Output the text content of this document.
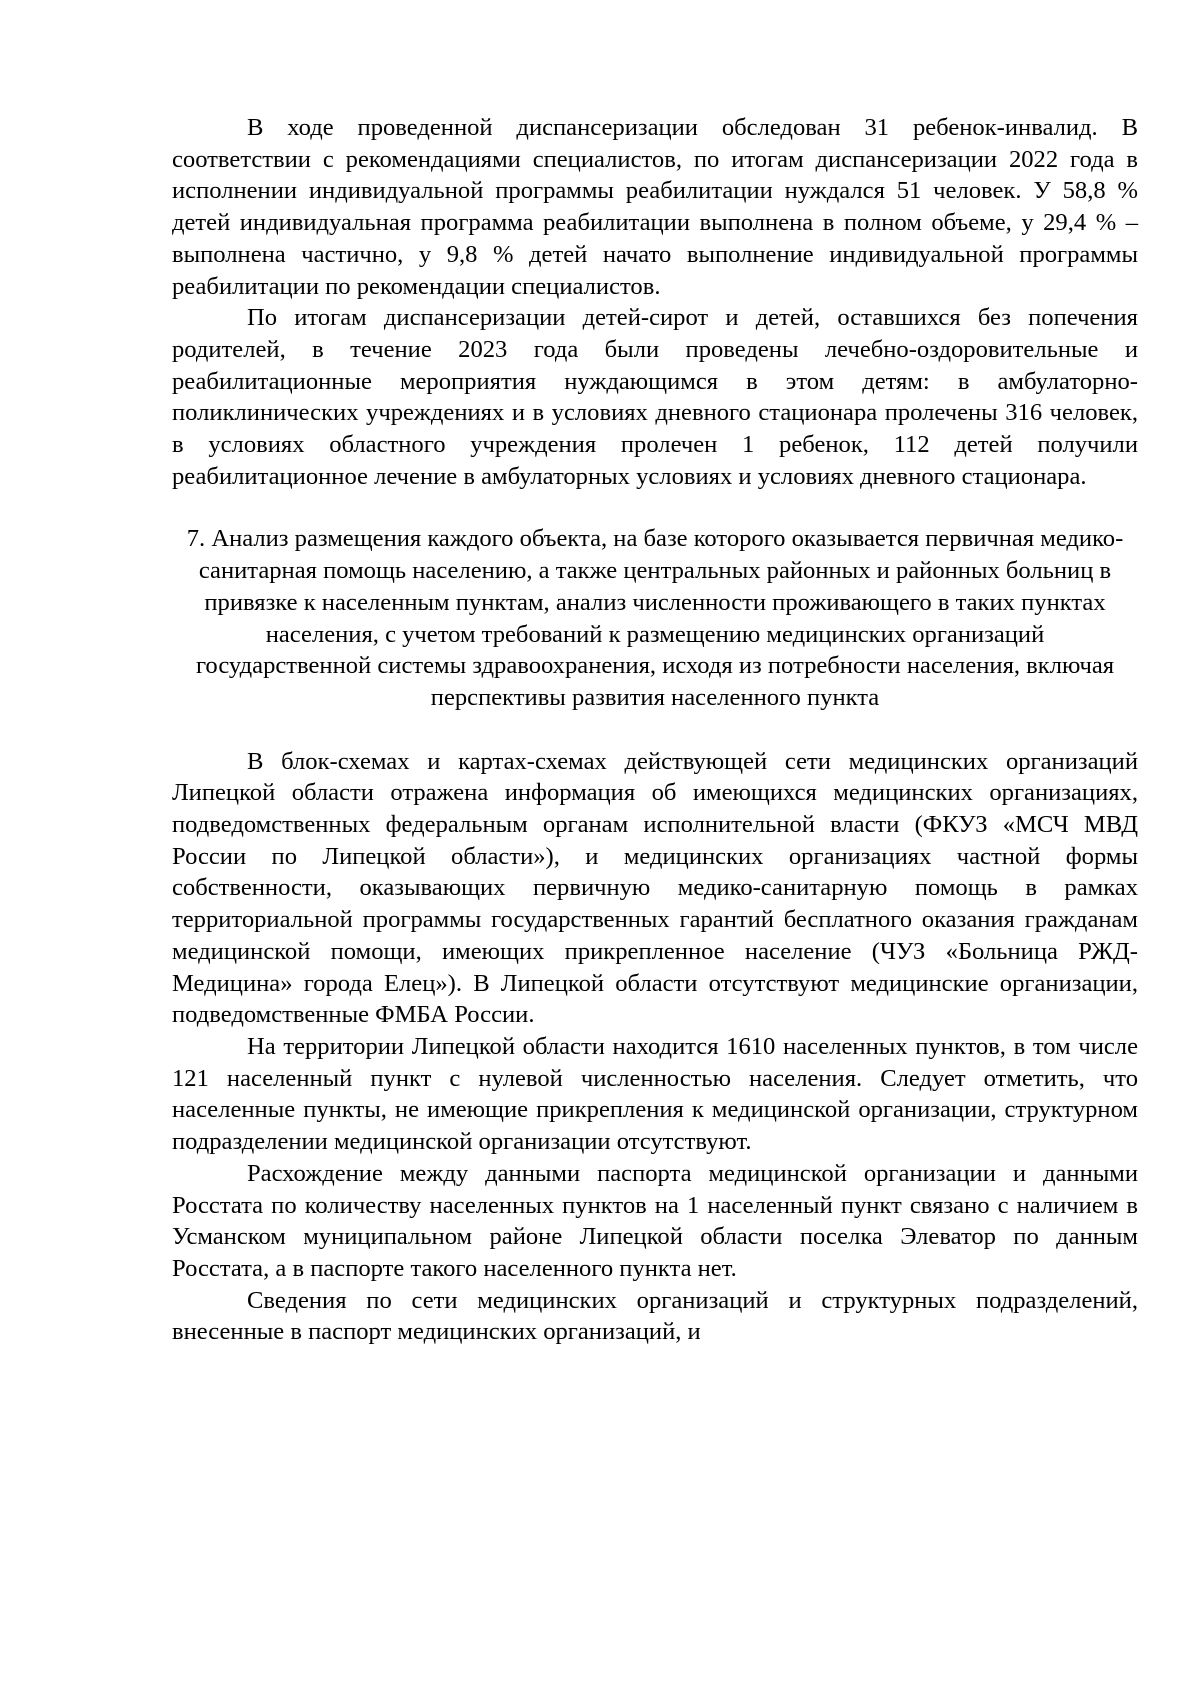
В ходе проведенной диспансеризации обследован 31 ребенок-инвалид. В соответствии с рекомендациями специалистов, по итогам диспансеризации 2022 года в исполнении индивидуальной программы реабилитации нуждался 51 человек. У 58,8 % детей индивидуальная программа реабилитации выполнена в полном объеме, у 29,4 % – выполнена частично, у 9,8 % детей начато выполнение индивидуальной программы реабилитации по рекомендации специалистов.

По итогам диспансеризации детей-сирот и детей, оставшихся без попечения родителей, в течение 2023 года были проведены лечебно-оздоровительные и реабилитационные мероприятия нуждающимся в этом детям: в амбулаторно-поликлинических учреждениях и в условиях дневного стационара пролечены 316 человек, в условиях областного учреждения пролечен 1 ребенок, 112 детей получили реабилитационное лечение в амбулаторных условиях и условиях дневного стационара.

7. Анализ размещения каждого объекта, на базе которого оказывается первичная медико-санитарная помощь населению, а также центральных районных и районных больниц в привязке к населенным пунктам, анализ численности проживающего в таких пунктах населения, с учетом требований к размещению медицинских организаций государственной системы здравоохранения, исходя из потребности населения, включая перспективы развития населенного пункта

В блок-схемах и картах-схемах действующей сети медицинских организаций Липецкой области отражена информация об имеющихся медицинских организациях, подведомственных федеральным органам исполнительной власти (ФКУЗ «МСЧ МВД России по Липецкой области»), и медицинских организациях частной формы собственности, оказывающих первичную медико-санитарную помощь в рамках территориальной программы государственных гарантий бесплатного оказания гражданам медицинской помощи, имеющих прикрепленное население (ЧУЗ «Больница РЖД-Медицина» города Елец»). В Липецкой области отсутствуют медицинские организации, подведомственные ФМБА России.

На территории Липецкой области находится 1610 населенных пунктов, в том числе 121 населенный пункт с нулевой численностью населения. Следует отметить, что населенные пункты, не имеющие прикрепления к медицинской организации, структурном подразделении медицинской организации отсутствуют.

Расхождение между данными паспорта медицинской организации и данными Росстата по количеству населенных пунктов на 1 населенный пункт связано с наличием в Усманском муниципальном районе Липецкой области поселка Элеватор по данным Росстата, а в паспорте такого населенного пункта нет.

Сведения по сети медицинских организаций и структурных подразделений, внесенные в паспорт медицинских организаций, и
